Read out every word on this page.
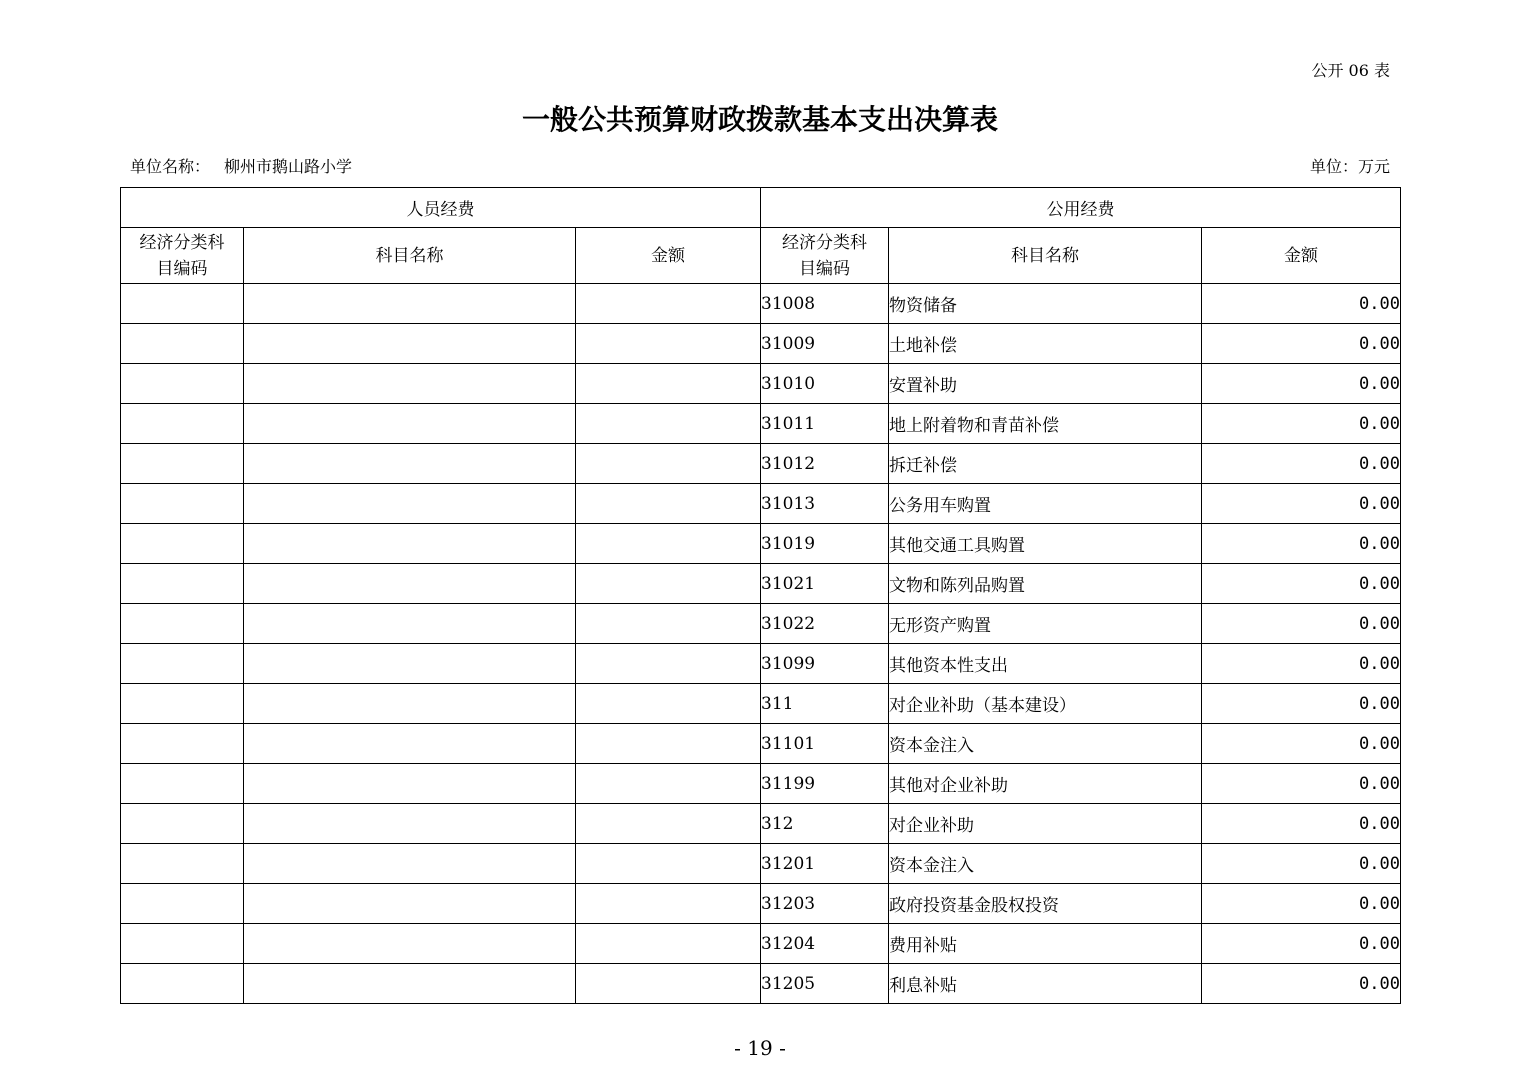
公开 06 表
一般公共预算财政拨款基本支出决算表
单位名称： 柳州市鹅山路小学	单位：万元
人员经费			公用经费		
经济分类科目编码	科目名称	金额	经济分类科目编码	科目名称	金额
			31008	物资储备	0.00
			31009	土地补偿	0.00
			31010	安置补助	0.00
			31011	地上附着物和青苗补偿	0.00
			31012	拆迁补偿	0.00
			31013	公务用车购置	0.00
			31019	其他交通工具购置	0.00
			31021	文物和陈列品购置	0.00
			31022	无形资产购置	0.00
			31099	其他资本性支出	0.00
			311	对企业补助（基本建设）	0.00
			31101	资本金注入	0.00
			31199	其他对企业补助	0.00
			312	对企业补助	0.00
			31201	资本金注入	0.00
			31203	政府投资基金股权投资	0.00
			31204	费用补贴	0.00
			31205	利息补贴	0.00
- 19 -
